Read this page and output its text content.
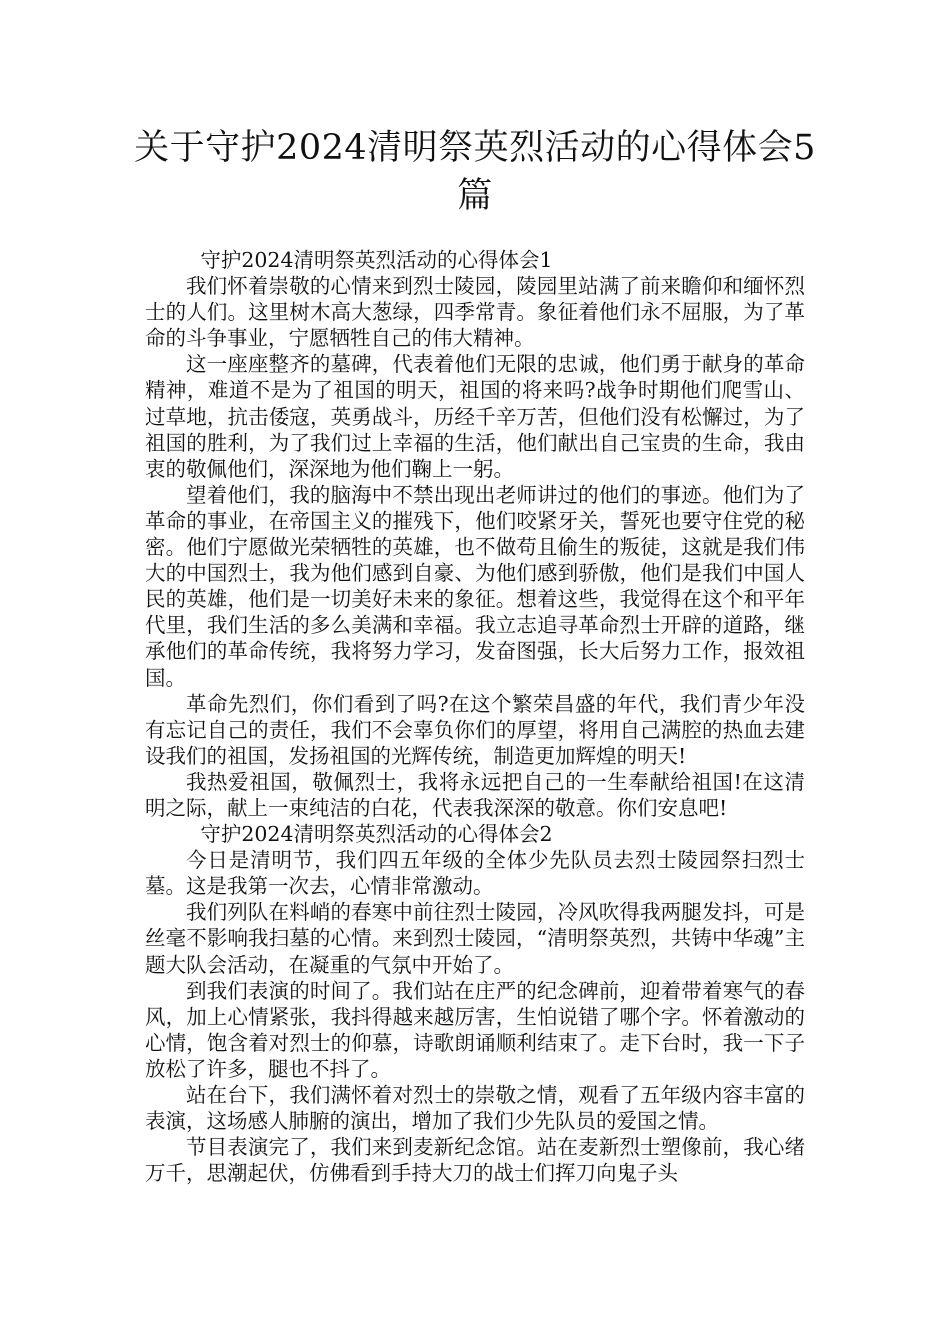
关于守护2024清明祭英烈活动的心得体会5篇

守护2024清明祭英烈活动的心得体会1

我们怀着崇敬的心情来到烈士陵园，陵园里站满了前来瞻仰和缅怀烈士的人们。这里树木高大葱绿，四季常青。象征着他们永不屈服，为了革命的斗争事业，宁愿牺牲自己的伟大精神。

这一座座整齐的墓碑，代表着他们无限的忠诚，他们勇于献身的革命精神，难道不是为了祖国的明天，祖国的将来吗?战争时期他们爬雪山、过草地，抗击倭寇，英勇战斗，历经千辛万苦，但他们没有松懈过，为了祖国的胜利，为了我们过上幸福的生活，他们献出自己宝贵的生命，我由衷的敬佩他们，深深地为他们鞠上一躬。

望着他们，我的脑海中不禁出现出老师讲过的他们的事迹。他们为了革命的事业，在帝国主义的摧残下，他们咬紧牙关，誓死也要守住党的秘密。他们宁愿做光荣牺牲的英雄，也不做苟且偷生的叛徒，这就是我们伟大的中国烈士，我为他们感到自豪、为他们感到骄傲，他们是我们中国人民的英雄，他们是一切美好未来的象征。想着这些，我觉得在这个和平年代里，我们生活的多么美满和幸福。我立志追寻革命烈士开辟的道路，继承他们的革命传统，我将努力学习，发奋图强，长大后努力工作，报效祖国。

革命先烈们，你们看到了吗?在这个繁荣昌盛的年代，我们青少年没有忘记自己的责任，我们不会辜负你们的厚望，将用自己满腔的热血去建设我们的祖国，发扬祖国的光辉传统，制造更加辉煌的明天!

我热爱祖国，敬佩烈士，我将永远把自己的一生奉献给祖国!在这清明之际，献上一束纯洁的白花，代表我深深的敬意。你们安息吧!

守护2024清明祭英烈活动的心得体会2

今日是清明节，我们四五年级的全体少先队员去烈士陵园祭扫烈士墓。这是我第一次去，心情非常激动。

我们列队在料峭的春寒中前往烈士陵园，冷风吹得我两腿发抖，可是丝毫不影响我扫墓的心情。来到烈士陵园，“清明祭英烈，共铸中华魂”主题大队会活动，在凝重的气氛中开始了。

到我们表演的时间了。我们站在庄严的纪念碑前，迎着带着寒气的春风，加上心情紧张，我抖得越来越厉害，生怕说错了哪个字。怀着激动的心情，饱含着对烈士的仰慕，诗歌朗诵顺利结束了。走下台时，我一下子放松了许多，腿也不抖了。

站在台下，我们满怀着对烈士的崇敬之情，观看了五年级内容丰富的表演，这场感人肺腑的演出，增加了我们少先队员的爱国之情。

节目表演完了，我们来到麦新纪念馆。站在麦新烈士塑像前，我心绪万千，思潮起伏，仿佛看到手持大刀的战士们挥刀向鬼子头
